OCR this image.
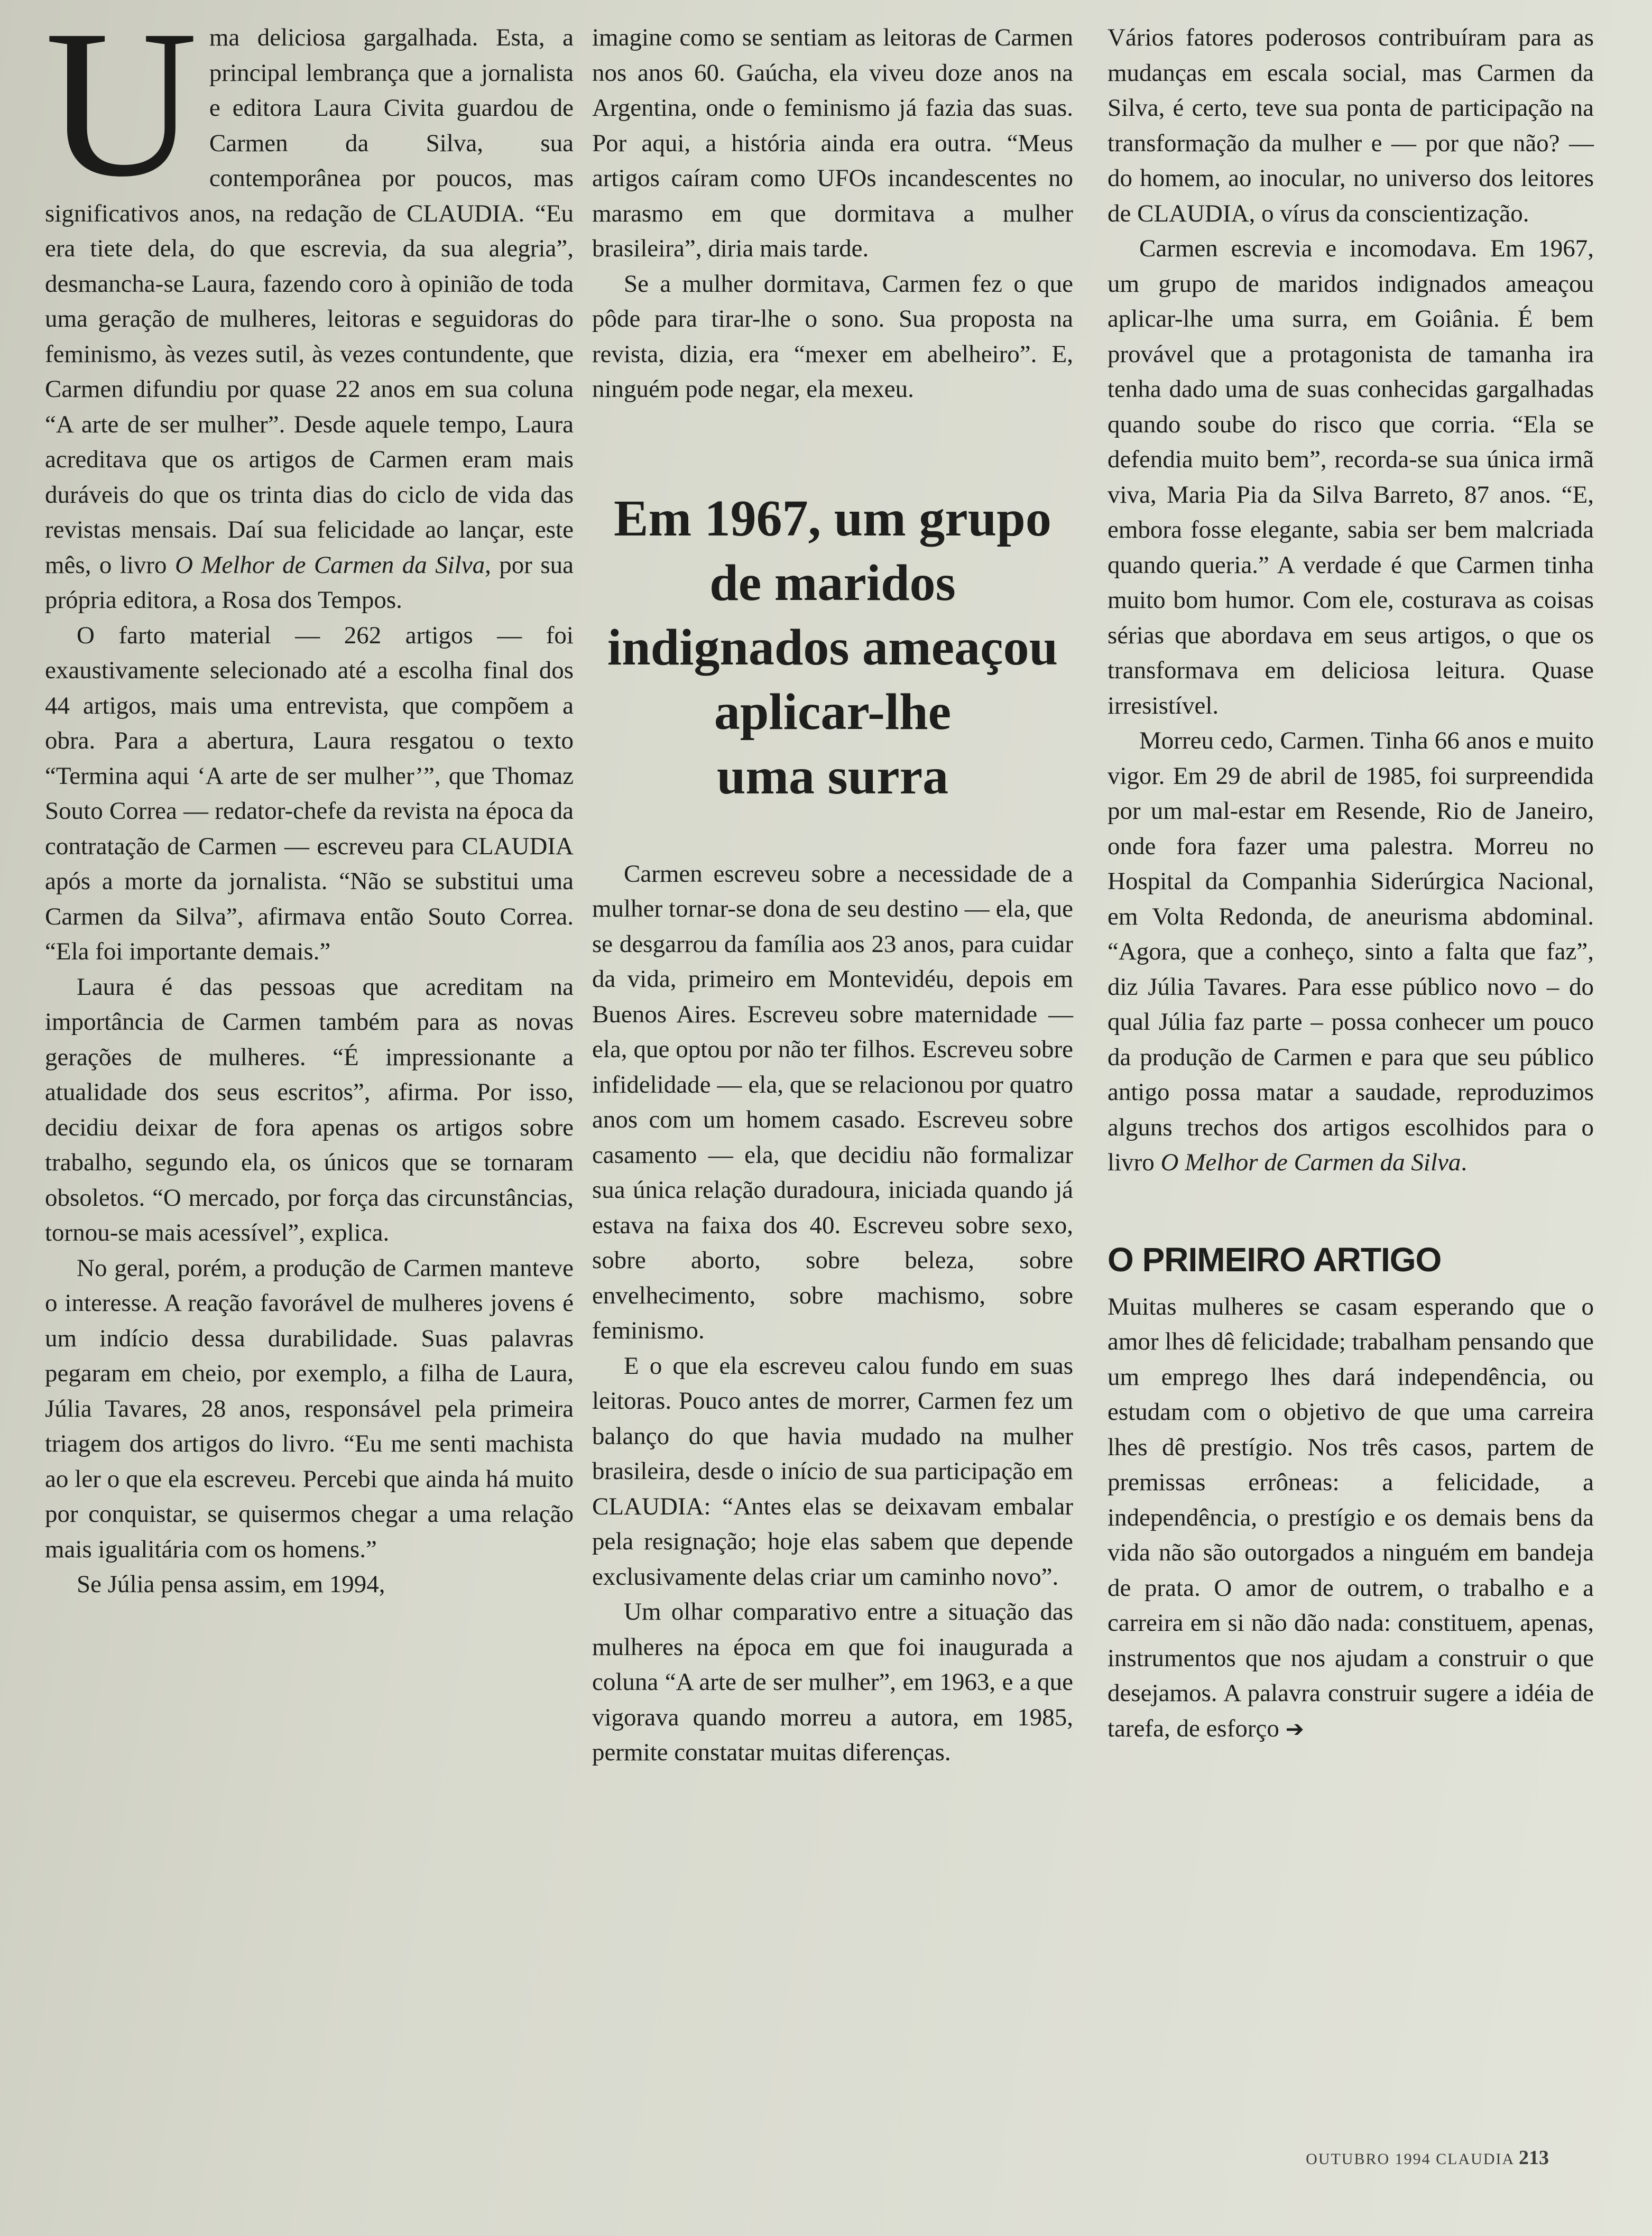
Uma deliciosa gargalhada. Esta, a principal lembrança que a jornalista e editora Laura Civita guardou de Carmen da Silva, sua contemporânea por poucos, mas significativos anos, na redação de CLAUDIA. “Eu era tiete dela, do que escrevia, da sua alegria”, desmancha-se Laura, fazendo coro à opinião de toda uma geração de mulheres, leitoras e seguidoras do feminismo, às vezes sutil, às vezes contundente, que Carmen difundiu por quase 22 anos em sua coluna “A arte de ser mulher”. Desde aquele tempo, Laura acreditava que os artigos de Carmen eram mais duráveis do que os trinta dias do ciclo de vida das revistas mensais. Daí sua felicidade ao lançar, este mês, o livro O Melhor de Carmen da Silva, por sua própria editora, a Rosa dos Tempos.

O farto material — 262 artigos — foi exaustivamente selecionado até a escolha final dos 44 artigos, mais uma entrevista, que compõem a obra. Para a abertura, Laura resgatou o texto “Termina aqui ‘A arte de ser mulher’”, que Thomaz Souto Correa — redator-chefe da revista na época da contratação de Carmen — escreveu para CLAUDIA após a morte da jornalista. “Não se substitui uma Carmen da Silva”, afirmava então Souto Correa. “Ela foi importante demais.”

Laura é das pessoas que acreditam na importância de Carmen também para as novas gerações de mulheres. “É impressionante a atualidade dos seus escritos”, afirma. Por isso, decidiu deixar de fora apenas os artigos sobre trabalho, segundo ela, os únicos que se tornaram obsoletos. “O mercado, por força das circunstâncias, tornou-se mais acessível”, explica.

No geral, porém, a produção de Carmen manteve o interesse. A reação favorável de mulheres jovens é um indício dessa durabilidade. Suas palavras pegaram em cheio, por exemplo, a filha de Laura, Júlia Tavares, 28 anos, responsável pela primeira triagem dos artigos do livro. “Eu me senti machista ao ler o que ela escreveu. Percebi que ainda há muito por conquistar, se quisermos chegar a uma relação mais igualitária com os homens.”

Se Júlia pensa assim, em 1994,

imagine como se sentiam as leitoras de Carmen nos anos 60. Gaúcha, ela viveu doze anos na Argentina, onde o feminismo já fazia das suas. Por aqui, a história ainda era outra. “Meus artigos caíram como UFOs incandescentes no marasmo em que dormitava a mulher brasileira”, diria mais tarde.

Se a mulher dormitava, Carmen fez o que pôde para tirar-lhe o sono. Sua proposta na revista, dizia, era “mexer em abelheiro”. E, ninguém pode negar, ela mexeu.

Em 1967, um grupo
de maridos
indignados ameaçou
aplicar-lhe
uma surra

Carmen escreveu sobre a necessidade de a mulher tornar-se dona de seu destino — ela, que se desgarrou da família aos 23 anos, para cuidar da vida, primeiro em Montevidéu, depois em Buenos Aires. Escreveu sobre maternidade — ela, que optou por não ter filhos. Escreveu sobre infidelidade — ela, que se relacionou por quatro anos com um homem casado. Escreveu sobre casamento — ela, que decidiu não formalizar sua única relação duradoura, iniciada quando já estava na faixa dos 40. Escreveu sobre sexo, sobre aborto, sobre beleza, sobre envelhecimento, sobre machismo, sobre feminismo.

E o que ela escreveu calou fundo em suas leitoras. Pouco antes de morrer, Carmen fez um balanço do que havia mudado na mulher brasileira, desde o início de sua participação em CLAUDIA: “Antes elas se deixavam embalar pela resignação; hoje elas sabem que depende exclusivamente delas criar um caminho novo”.

Um olhar comparativo entre a situação das mulheres na época em que foi inaugurada a coluna “A arte de ser mulher”, em 1963, e a que vigorava quando morreu a autora, em 1985, permite constatar muitas diferenças.

Vários fatores poderosos contribuíram para as mudanças em escala social, mas Carmen da Silva, é certo, teve sua ponta de participação na transformação da mulher e — por que não? — do homem, ao inocular, no universo dos leitores de CLAUDIA, o vírus da conscientização.

Carmen escrevia e incomodava. Em 1967, um grupo de maridos indignados ameaçou aplicar-lhe uma surra, em Goiânia. É bem provável que a protagonista de tamanha ira tenha dado uma de suas conhecidas gargalhadas quando soube do risco que corria. “Ela se defendia muito bem”, recorda-se sua única irmã viva, Maria Pia da Silva Barreto, 87 anos. “E, embora fosse elegante, sabia ser bem malcriada quando queria.” A verdade é que Carmen tinha muito bom humor. Com ele, costurava as coisas sérias que abordava em seus artigos, o que os transformava em deliciosa leitura. Quase irresistível.

Morreu cedo, Carmen. Tinha 66 anos e muito vigor. Em 29 de abril de 1985, foi surpreendida por um mal-estar em Resende, Rio de Janeiro, onde fora fazer uma palestra. Morreu no Hospital da Companhia Siderúrgica Nacional, em Volta Redonda, de aneurisma abdominal. “Agora, que a conheço, sinto a falta que faz”, diz Júlia Tavares. Para esse público novo – do qual Júlia faz parte – possa conhecer um pouco da produção de Carmen e para que seu público antigo possa matar a saudade, reproduzimos alguns trechos dos artigos escolhidos para o livro O Melhor de Carmen da Silva.

O PRIMEIRO ARTIGO

Muitas mulheres se casam esperando que o amor lhes dê felicidade; trabalham pensando que um emprego lhes dará independência, ou estudam com o objetivo de que uma carreira lhes dê prestígio. Nos três casos, partem de premissas errôneas: a felicidade, a independência, o prestígio e os demais bens da vida não são outorgados a ninguém em bandeja de prata. O amor de outrem, o trabalho e a carreira em si não dão nada: constituem, apenas, instrumentos que nos ajudam a construir o que desejamos. A palavra construir sugere a idéia de tarefa, de esforço ➔

OUTUBRO 1994 CLAUDIA 213
